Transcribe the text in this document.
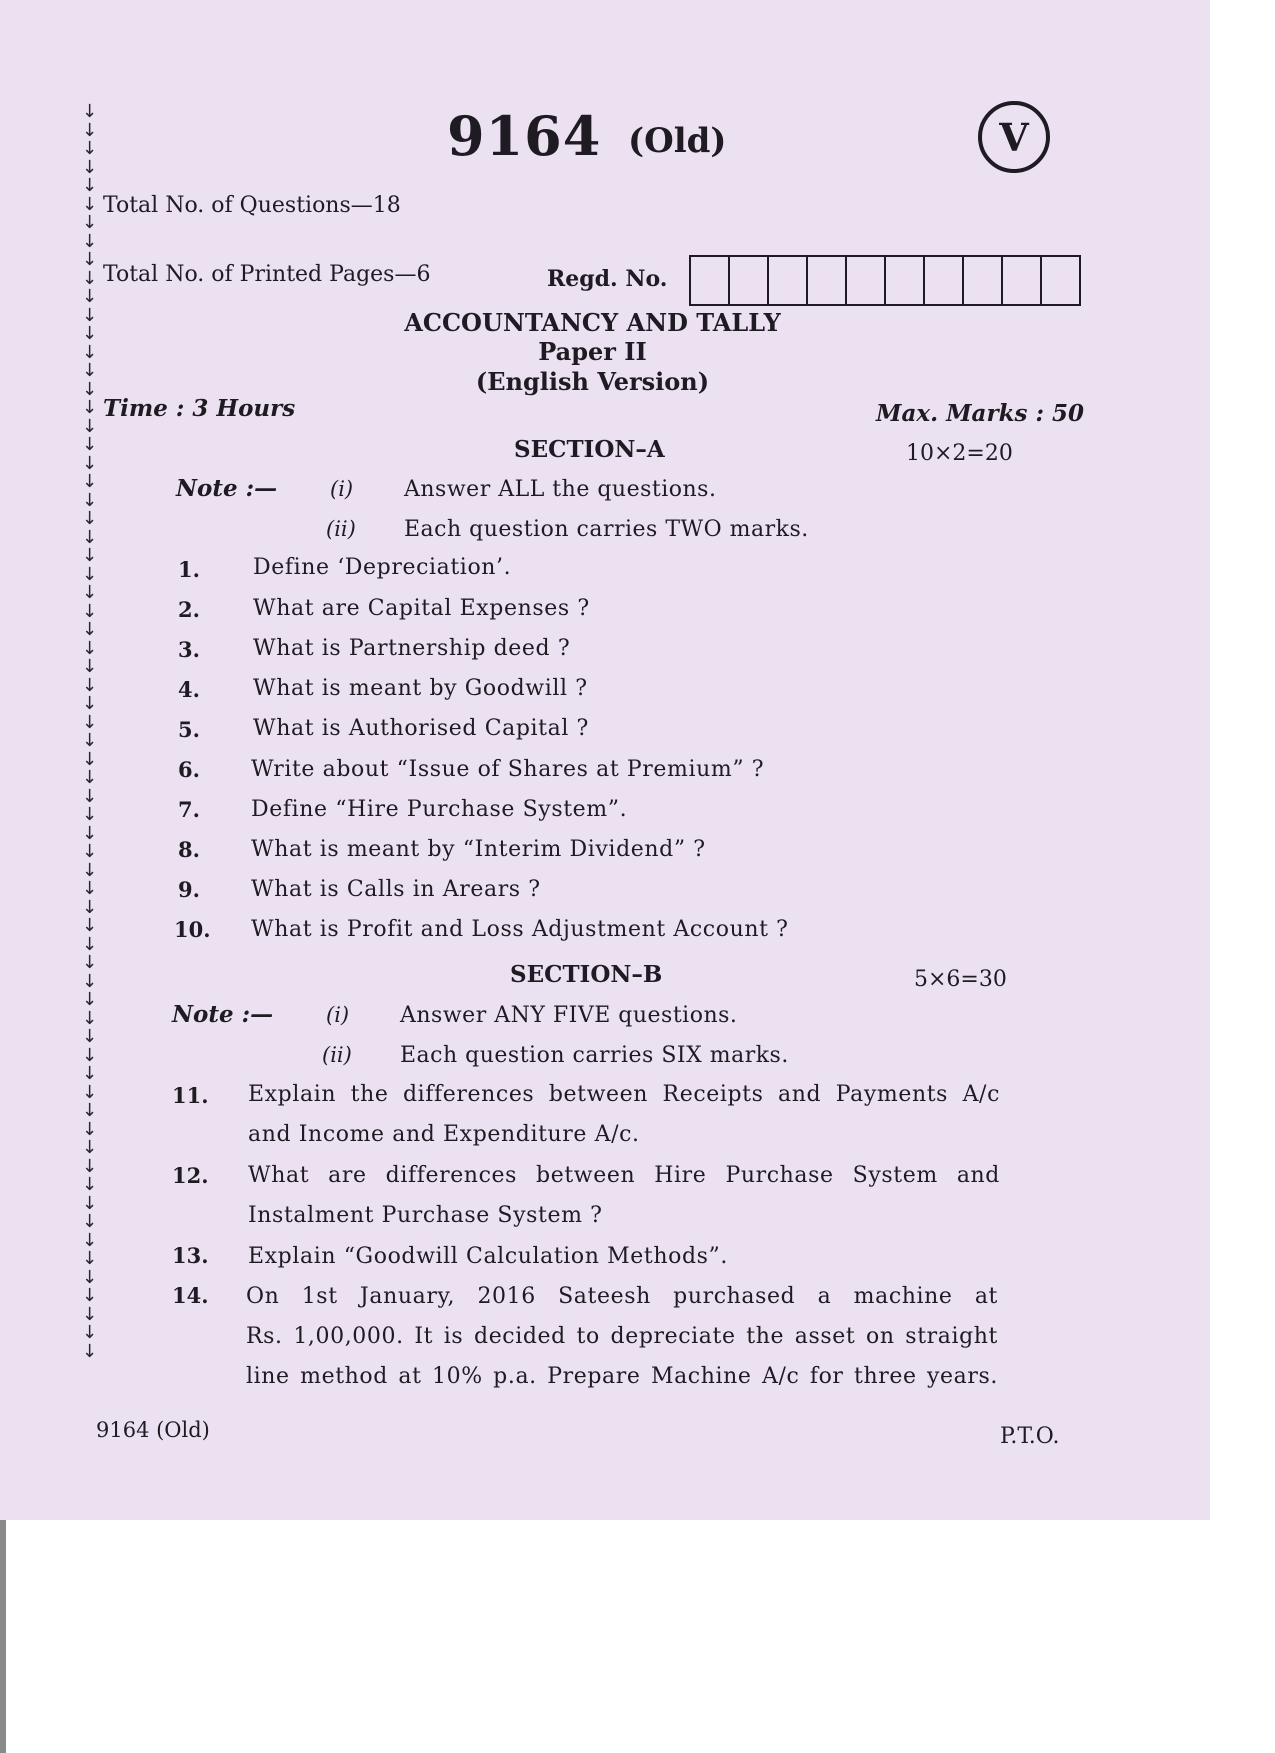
↓
↓
↓
↓
↓
↓
↓
↓
↓
↓
↓
↓
↓
↓
↓
↓
↓
↓
↓
↓
↓
↓
↓
↓
↓
↓
↓
↓
↓
↓
↓
↓
↓
↓
↓
↓
↓
↓
↓
↓
↓
↓
↓
↓
↓
↓
↓
↓
↓
↓
↓
↓
↓
↓
↓
↓
↓
↓
↓
↓
↓
↓
↓
↓
↓
↓
↓
↓
9164 (Old)	V
Total No. of Questions—18
Total No. of Printed Pages—6	Regd. No.
ACCOUNTANCY AND TALLY
Paper II
(English Version)
Time : 3 Hours	Max. Marks : 50
SECTION–A	10×2=20
Note :—	(i) Answer ALL the questions.
(ii) Each question carries TWO marks.
1. Define ‘Depreciation’.
2. What are Capital Expenses ?
3. What is Partnership deed ?
4. What is meant by Goodwill ?
5. What is Authorised Capital ?
6. Write about “Issue of Shares at Premium” ?
7. Define “Hire Purchase System”.
8. What is meant by “Interim Dividend” ?
9. What is Calls in Arears ?
10. What is Profit and Loss Adjustment Account ?
SECTION–B	5×6=30
Note :—	(i) Answer ANY FIVE questions.
(ii) Each question carries SIX marks.
11. Explain the differences between Receipts and Payments A/c
and Income and Expenditure A/c.
12. What are differences between Hire Purchase System and
Instalment Purchase System ?
13. Explain “Goodwill Calculation Methods”.
14. On 1st January, 2016 Sateesh purchased a machine at
Rs. 1,00,000. It is decided to depreciate the asset on straight
line method at 10% p.a. Prepare Machine A/c for three years.
9164 (Old)	P.T.O.
